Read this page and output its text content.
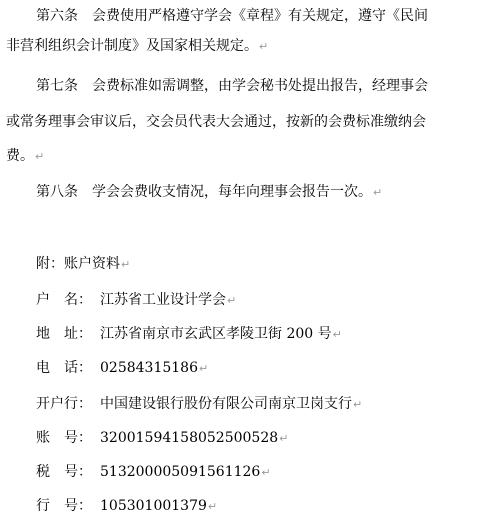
第六条　会费使用严格遵守学会《章程》有关规定，遵守《民间
非营利组织会计制度》及国家相关规定。↵
第七条　会费标准如需调整，由学会秘书处提出报告，经理事会
或常务理事会审议后，交会员代表大会通过，按新的会费标准缴纳会
费。↵
第八条　学会会费收支情况，每年向理事会报告一次。↵
附：账户资料↵
户　名： 江苏省工业设计学会↵
地　址： 江苏省南京市玄武区孝陵卫街 200 号↵
电　话： 02584315186↵
开户行： 中国建设银行股份有限公司南京卫岗支行↵
账　号： 32001594158052500528↵
税　号： 513200005091561126↵
行　号： 105301001379↵
